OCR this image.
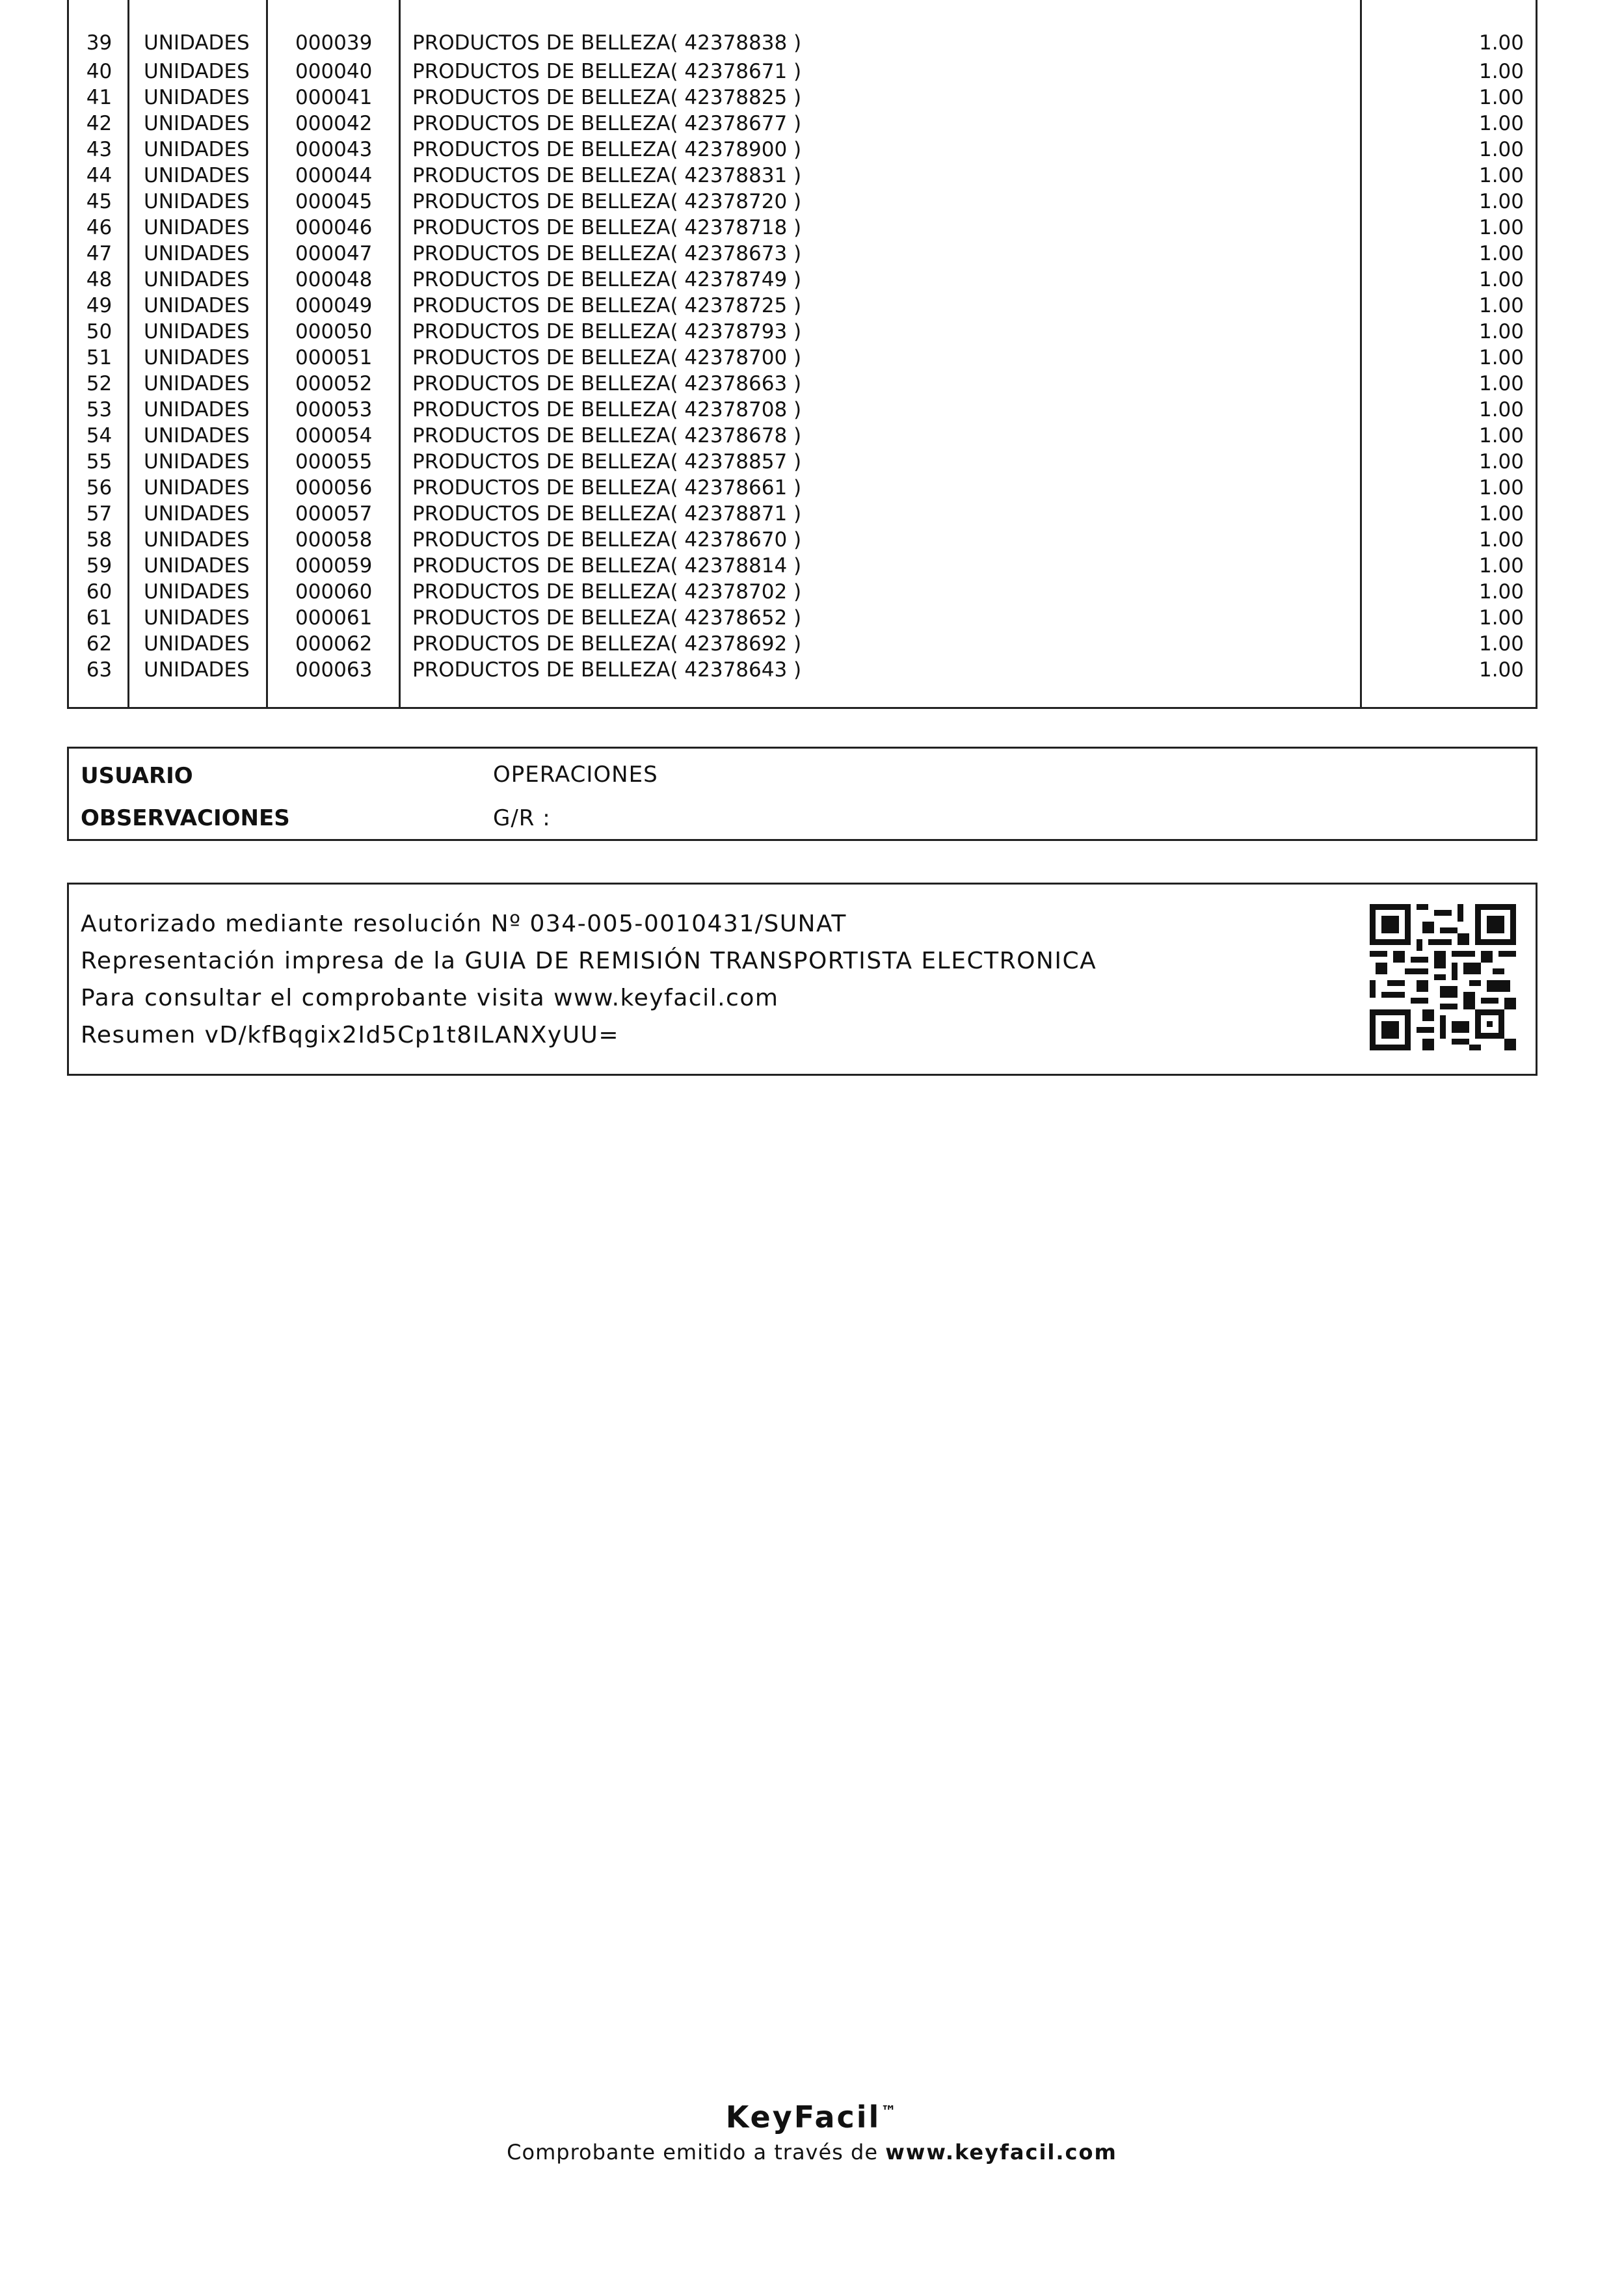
39	UNIDADES 000039 PRODUCTOS DE BELLEZA( 42378838 )	1.00
40	UNIDADES 000040 PRODUCTOS DE BELLEZA( 42378671 )	1.00
41	UNIDADES 000041 PRODUCTOS DE BELLEZA( 42378825 )	1.00
42	UNIDADES 000042 PRODUCTOS DE BELLEZA( 42378677 )	1.00
43	UNIDADES 000043 PRODUCTOS DE BELLEZA( 42378900 )	1.00
44	UNIDADES 000044 PRODUCTOS DE BELLEZA( 42378831 )	1.00
45	UNIDADES 000045 PRODUCTOS DE BELLEZA( 42378720 )	1.00
46	UNIDADES 000046 PRODUCTOS DE BELLEZA( 42378718 )	1.00
47	UNIDADES 000047 PRODUCTOS DE BELLEZA( 42378673 )	1.00
48	UNIDADES 000048 PRODUCTOS DE BELLEZA( 42378749 )	1.00
49	UNIDADES 000049 PRODUCTOS DE BELLEZA( 42378725 )	1.00
50	UNIDADES 000050 PRODUCTOS DE BELLEZA( 42378793 )	1.00
51	UNIDADES 000051 PRODUCTOS DE BELLEZA( 42378700 )	1.00
52	UNIDADES 000052 PRODUCTOS DE BELLEZA( 42378663 )	1.00
53	UNIDADES 000053 PRODUCTOS DE BELLEZA( 42378708 )	1.00
54	UNIDADES 000054 PRODUCTOS DE BELLEZA( 42378678 )	1.00
55	UNIDADES 000055 PRODUCTOS DE BELLEZA( 42378857 )	1.00
56	UNIDADES 000056 PRODUCTOS DE BELLEZA( 42378661 )	1.00
57	UNIDADES 000057 PRODUCTOS DE BELLEZA( 42378871 )	1.00
58	UNIDADES 000058 PRODUCTOS DE BELLEZA( 42378670 )	1.00
59	UNIDADES 000059 PRODUCTOS DE BELLEZA( 42378814 )	1.00
60	UNIDADES 000060 PRODUCTOS DE BELLEZA( 42378702 )	1.00
61	UNIDADES 000061 PRODUCTOS DE BELLEZA( 42378652 )	1.00
62	UNIDADES 000062 PRODUCTOS DE BELLEZA( 42378692 )	1.00
63	UNIDADES 000063 PRODUCTOS DE BELLEZA( 42378643 )	1.00
USUARIO	OPERACIONES
OBSERVACIONES	G/R :
Autorizado mediante resolución Nº 034-005-0010431/SUNAT
Representación impresa de la GUIA DE REMISIÓN TRANSPORTISTA ELECTRONICA
Para consultar el comprobante visita www.keyfacil.com
Resumen vD/kfBqgix2Id5Cp1t8ILANXyUU=
KeyFacil™
Comprobante emitido a través de www.keyfacil.com
